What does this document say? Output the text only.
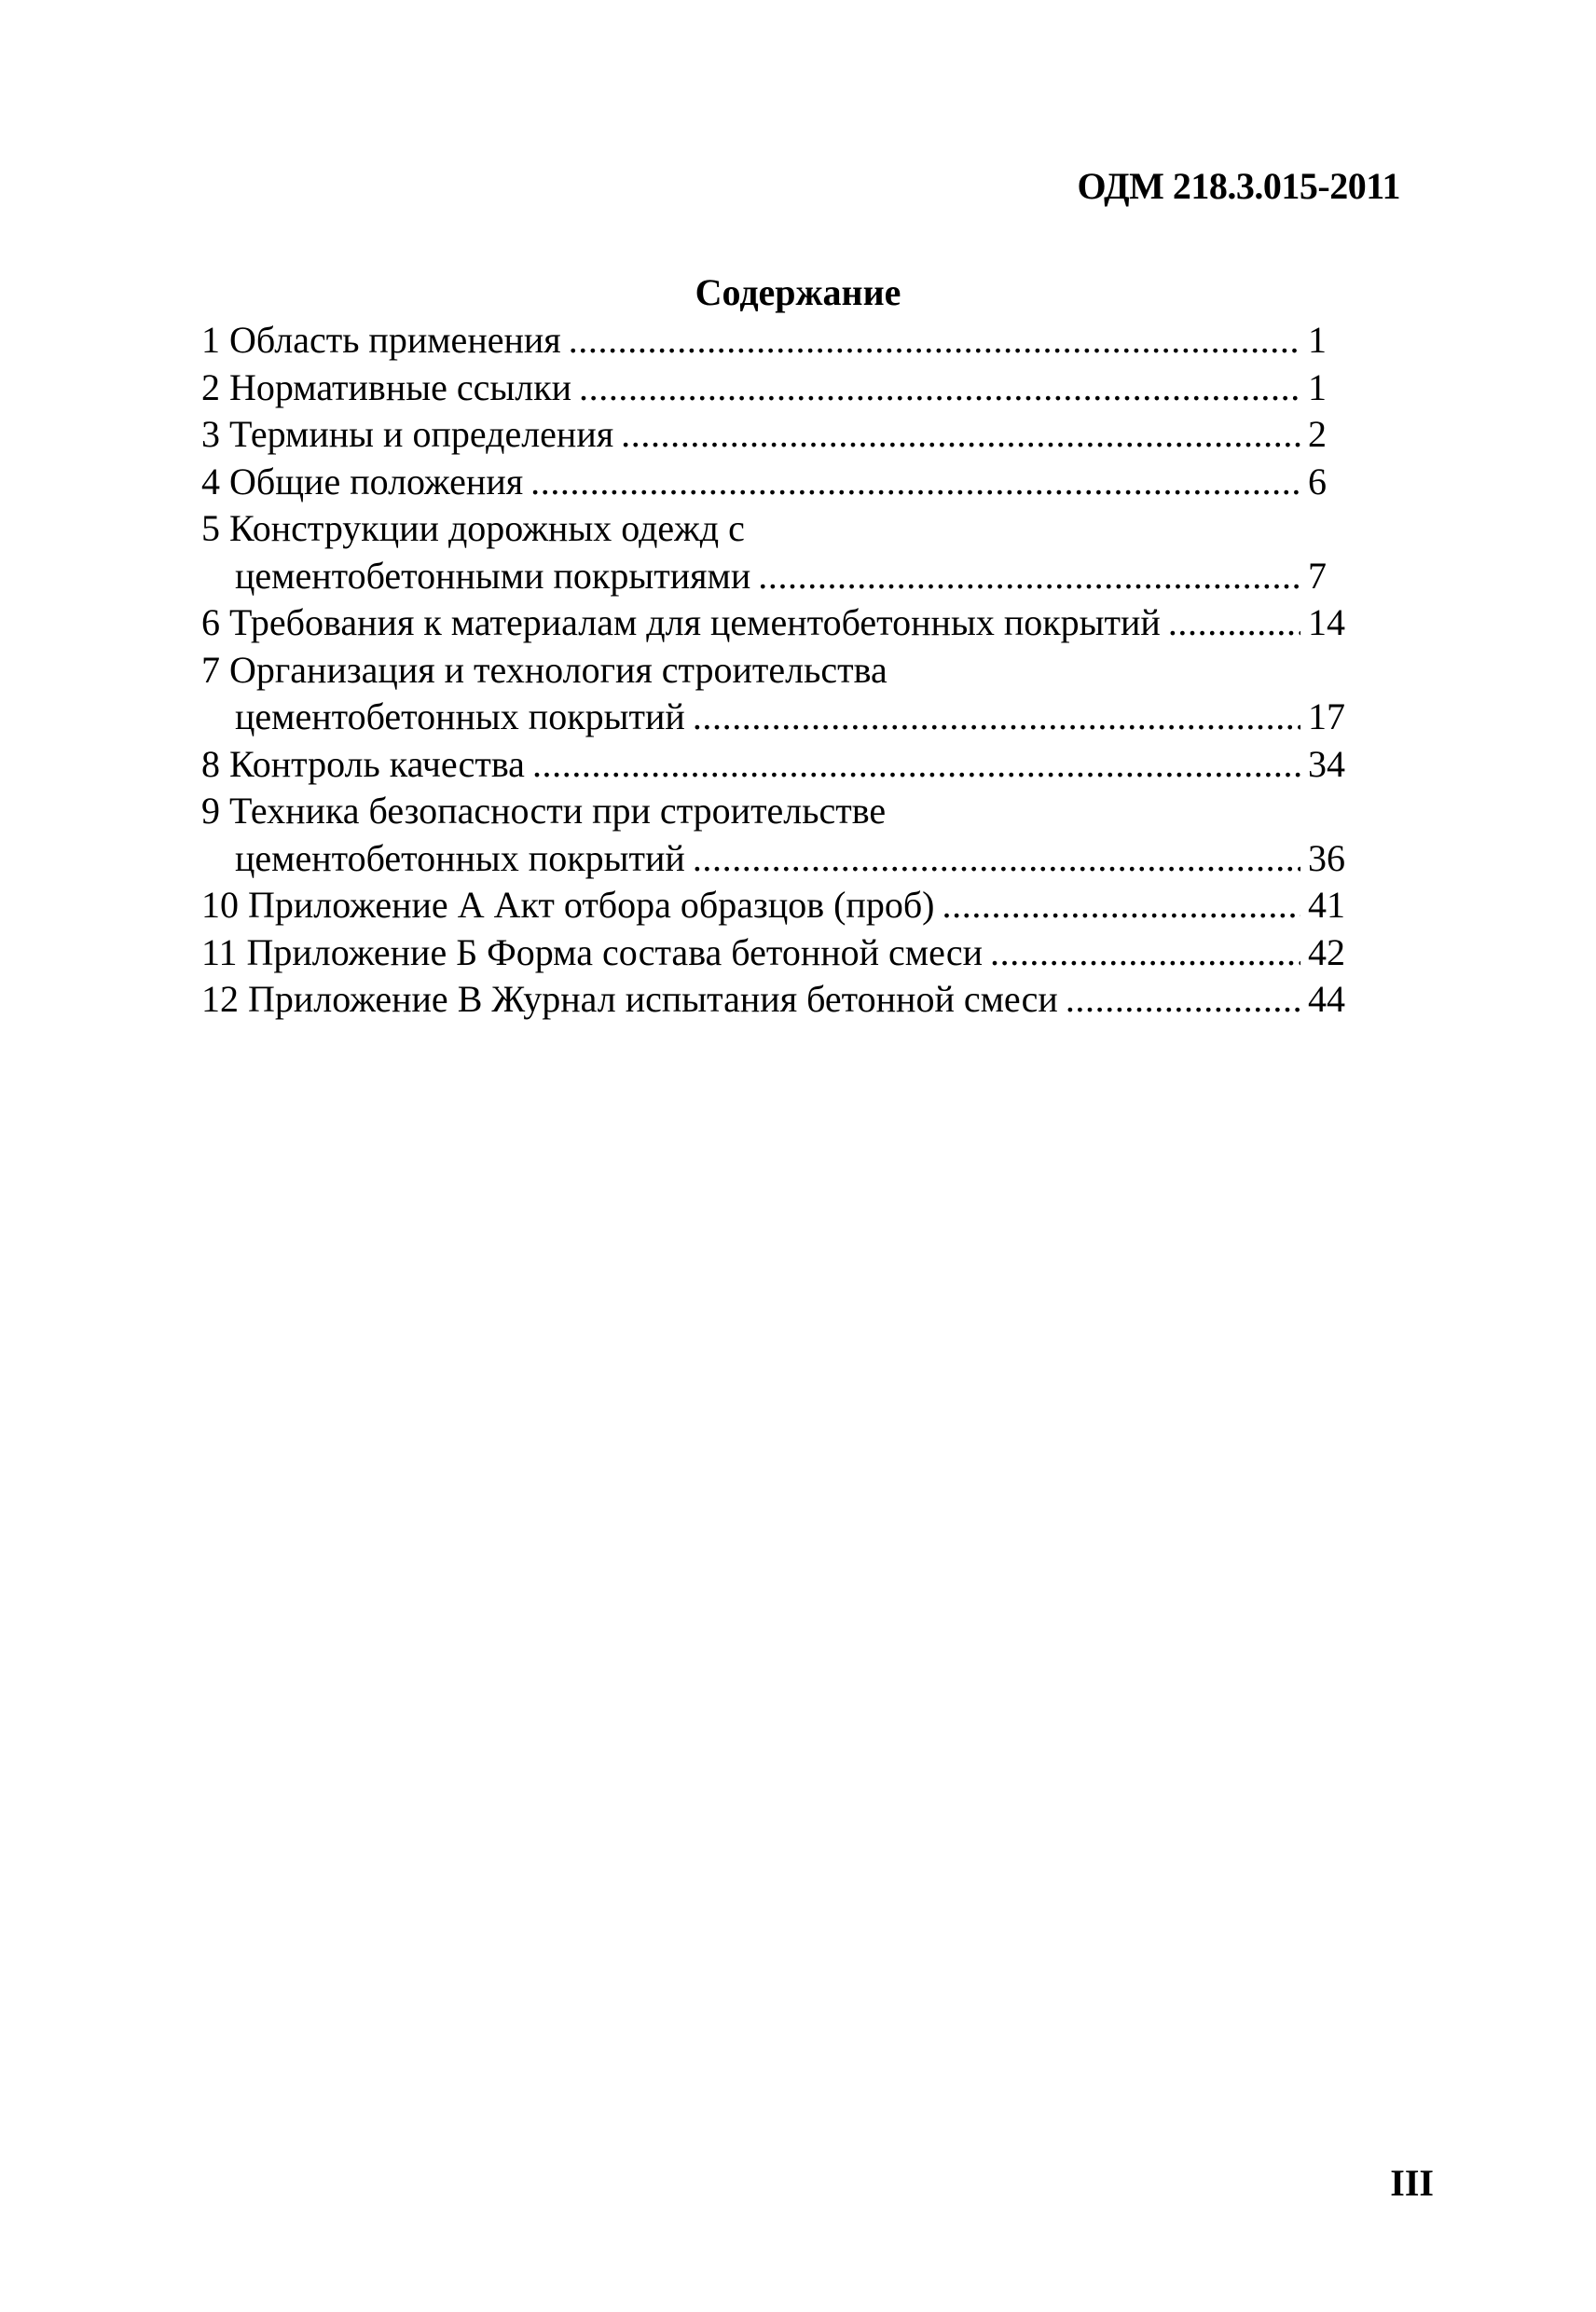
ОДМ 218.3.015-2011
Содержание
1 Область применения .....	1
2 Нормативные ссылки .....	1
3 Термины и определения .....	2
4 Общие положения .....	6
5 Конструкции дорожных одежд с
цементобетонными покрытиями .....	7
6 Требования к материалам для цементобетонных покрытий .....	14
7 Организация и технология строительства
цементобетонных покрытий .....	17
8 Контроль качества .....	34
9 Техника безопасности при строительстве
цементобетонных покрытий .....	36
10 Приложение А Акт отбора образцов (проб) .....	41
11 Приложение Б Форма состава бетонной смеси .....	42
12 Приложение В Журнал испытания бетонной смеси .....	44
III
